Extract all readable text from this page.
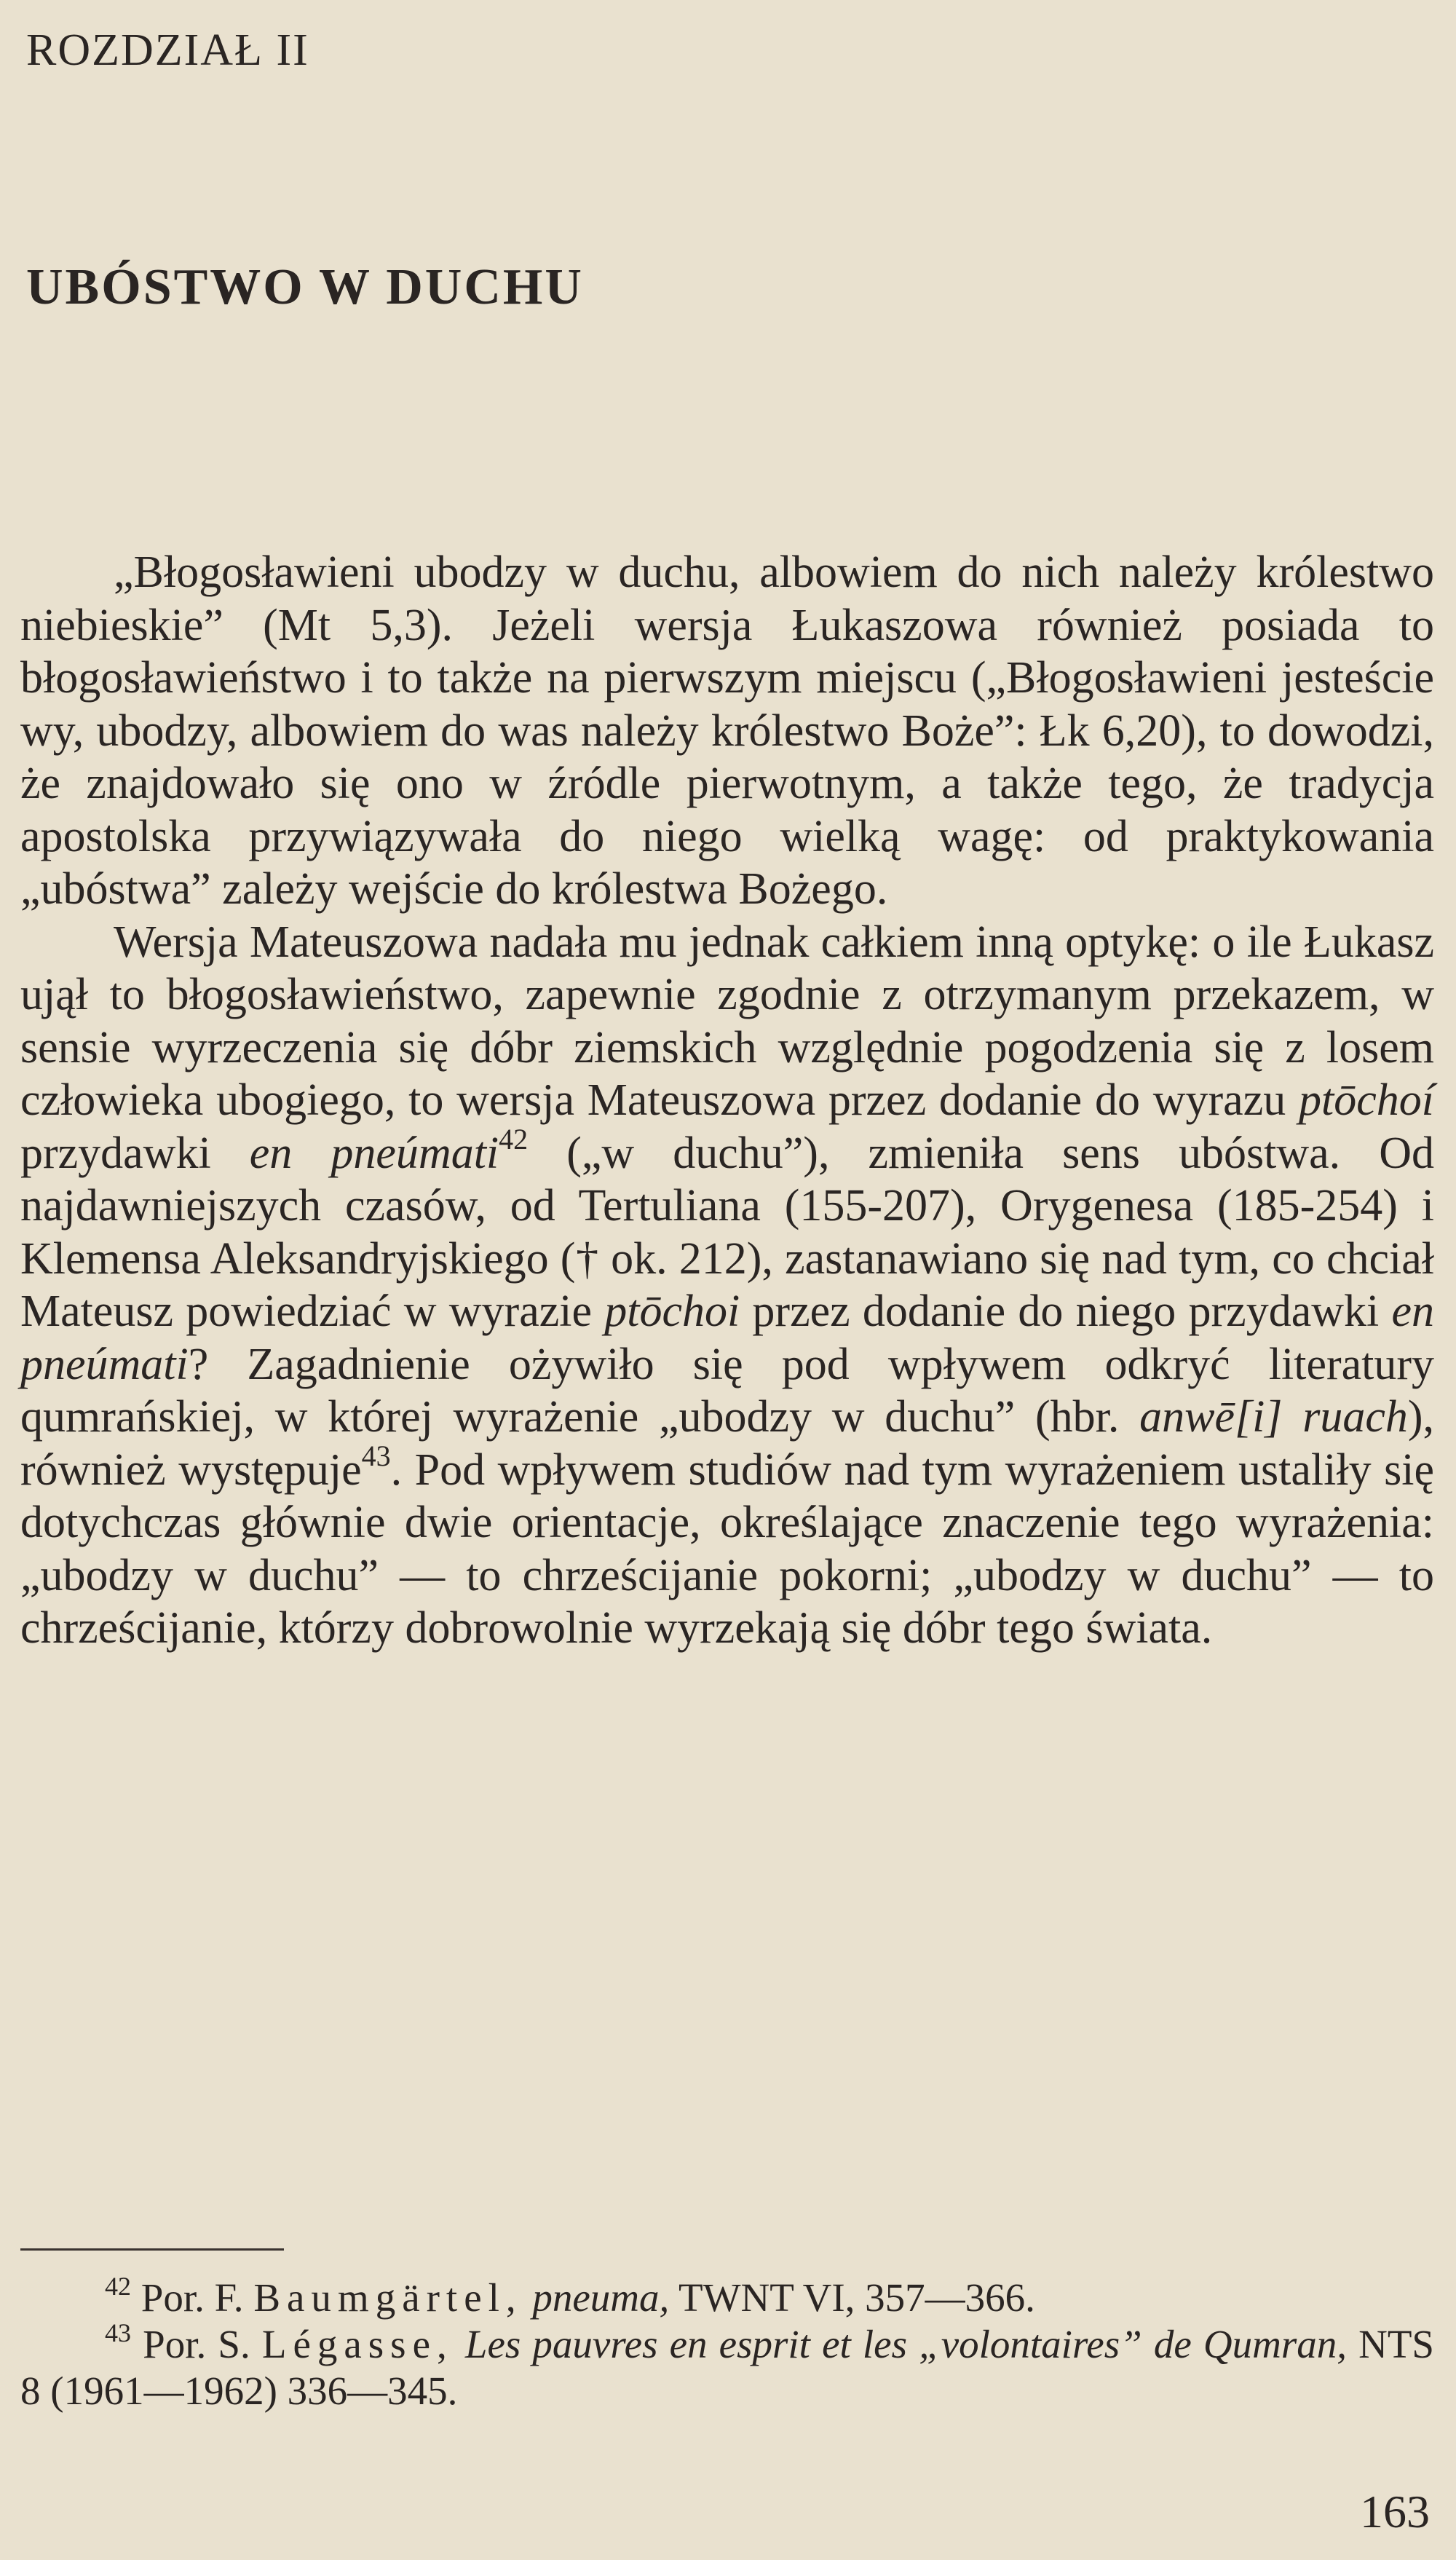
ROZDZIAŁ II
UBÓSTWO W DUCHU

„Błogosławieni ubodzy w duchu, albowiem do nich należy królestwo niebieskie” (Mt 5,3). Jeżeli wersja Łukaszowa również posiada to błogosławieństwo i to także na pierwszym miejscu („Błogosławieni jesteście wy, ubodzy, albowiem do was należy królestwo Boże”: Łk 6,20), to dowodzi, że znajdowało się ono w źródle pierwotnym, a także tego, że tradycja apostolska przywiązywała do niego wielką wagę: od praktykowania „ubóstwa” zależy wejście do królestwa Bożego.

Wersja Mateuszowa nadała mu jednak całkiem inną optykę: o ile Łukasz ujął to błogosławieństwo, zapewnie zgodnie z otrzymanym przekazem, w sensie wyrzeczenia się dóbr ziemskich względnie pogodzenia się z losem człowieka ubogiego, to wersja Mateuszowa przez dodanie do wyrazu ptōchoí przydawki en pneúmati$^{42}$ („w duchu”), zmieniła sens ubóstwa. Od najdawniejszych czasów, od Tertuliana (155-207), Orygenesa (185-254) i Klemensa Aleksandryjskiego († ok. 212), zastanawiano się nad tym, co chciał Mateusz powiedziać w wyrazie ptōchoi przez dodanie do niego przydawki en pneúmati? Zagadnienie ożywiło się pod wpływem odkryć literatury qumrańskiej, w której wyrażenie „ubodzy w duchu” (hbr. anwē[i] ruach), również występuje$^{43}$. Pod wpływem studiów nad tym wyrażeniem ustaliły się dotychczas głównie dwie orientacje, określające znaczenie tego wyrażenia: „ubodzy w duchu” — to chrześcijanie pokorni; „ubodzy w duchu” — to chrześcijanie, którzy dobrowolnie wyrzekają się dóbr tego świata.

$^{42}$ Por. F. Baumgärtel, pneuma, TWNT VI, 357—366.

$^{43}$ Por. S. Légasse, Les pauvres en esprit et les „volontaires” de Qumran, NTS 8 (1961—1962) 336—345.

163
